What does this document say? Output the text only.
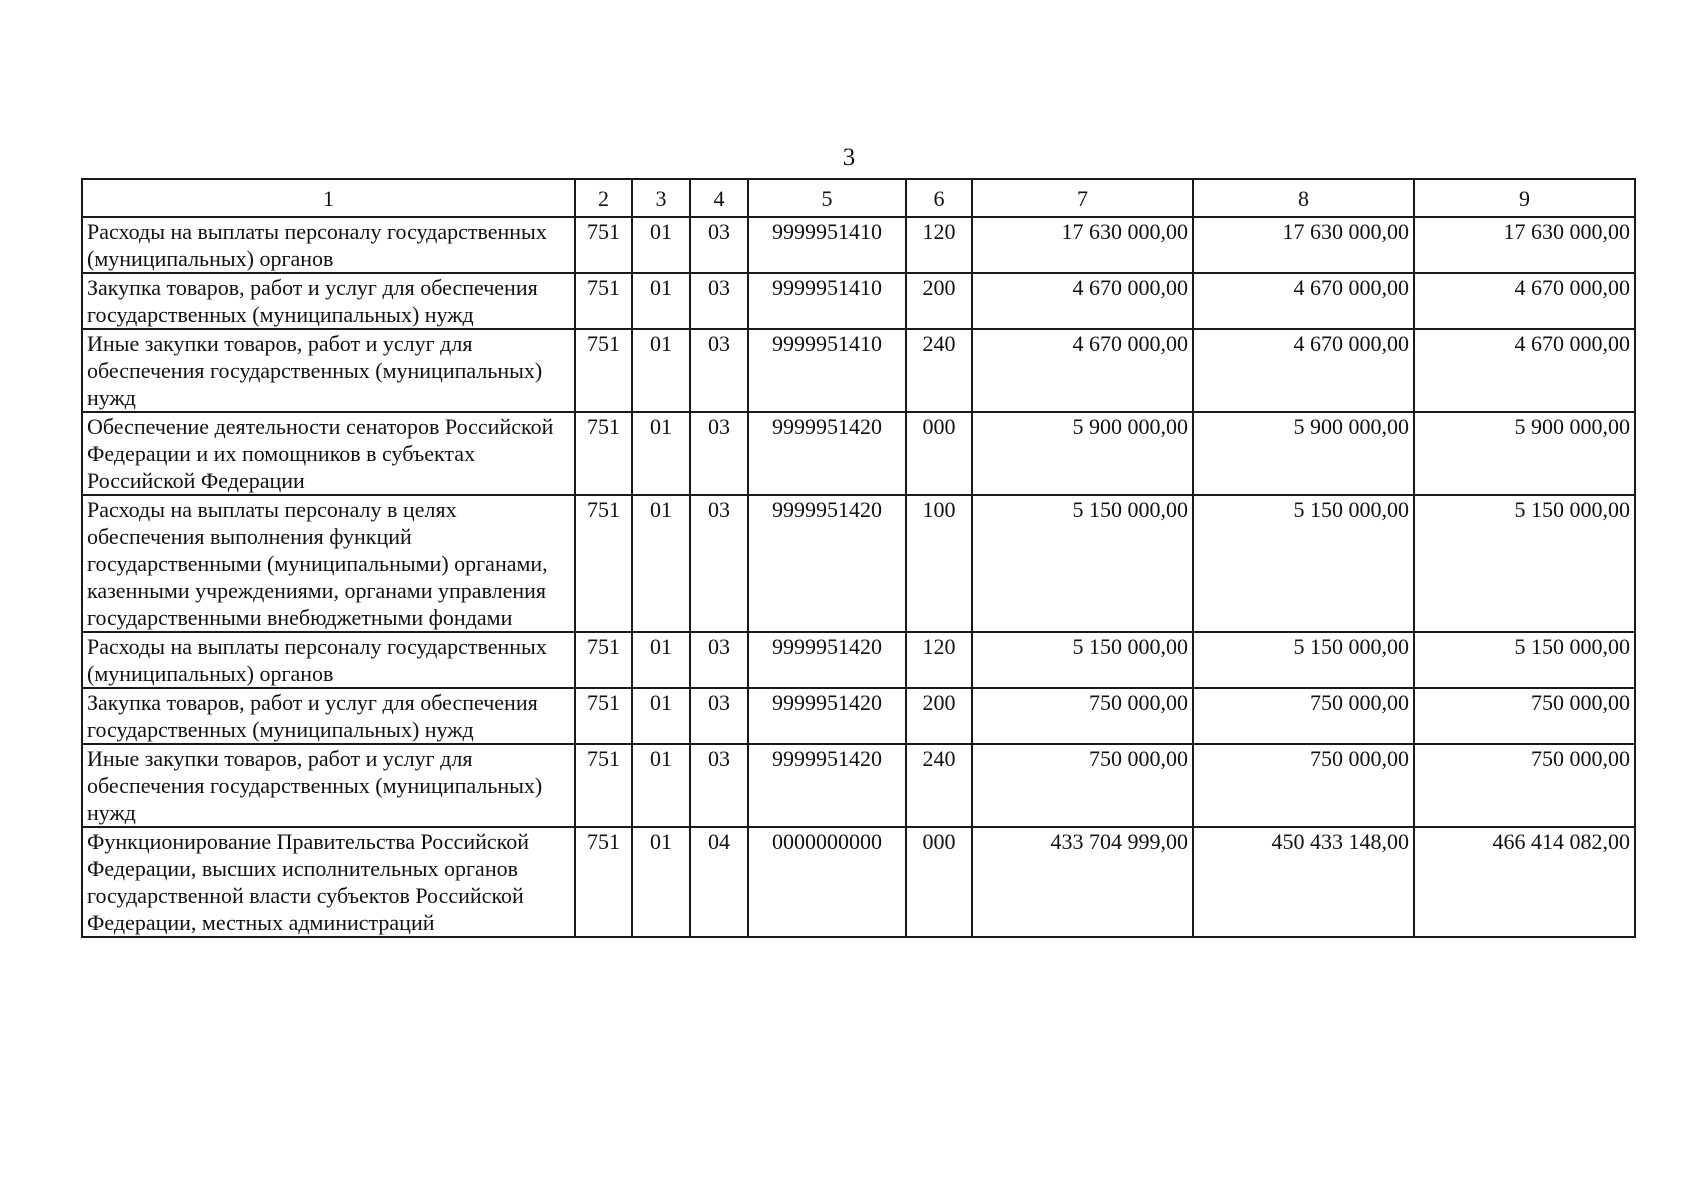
3
1	2	3	4	5	6	7	8	9
Расходы на выплаты персоналу государственных (муниципальных) органов	751	01	03	9999951410	120	17 630 000,00	17 630 000,00	17 630 000,00
Закупка товаров, работ и услуг для обеспечения государственных (муниципальных) нужд	751	01	03	9999951410	200	4 670 000,00	4 670 000,00	4 670 000,00
Иные закупки товаров, работ и услуг для обеспечения государственных (муниципальных) нужд	751	01	03	9999951410	240	4 670 000,00	4 670 000,00	4 670 000,00
Обеспечение деятельности сенаторов Российской Федерации и их помощников в субъектах Российской Федерации	751	01	03	9999951420	000	5 900 000,00	5 900 000,00	5 900 000,00
Расходы на выплаты персоналу в целях обеспечения выполнения функций государственными (муниципальными) органами, казенными учреждениями, органами управления государственными внебюджетными фондами	751	01	03	9999951420	100	5 150 000,00	5 150 000,00	5 150 000,00
Расходы на выплаты персоналу государственных (муниципальных) органов	751	01	03	9999951420	120	5 150 000,00	5 150 000,00	5 150 000,00
Закупка товаров, работ и услуг для обеспечения государственных (муниципальных) нужд	751	01	03	9999951420	200	750 000,00	750 000,00	750 000,00
Иные закупки товаров, работ и услуг для обеспечения государственных (муниципальных) нужд	751	01	03	9999951420	240	750 000,00	750 000,00	750 000,00
Функционирование Правительства Российской Федерации, высших исполнительных органов государственной власти субъектов Российской Федерации, местных администраций	751	01	04	0000000000	000	433 704 999,00	450 433 148,00	466 414 082,00
